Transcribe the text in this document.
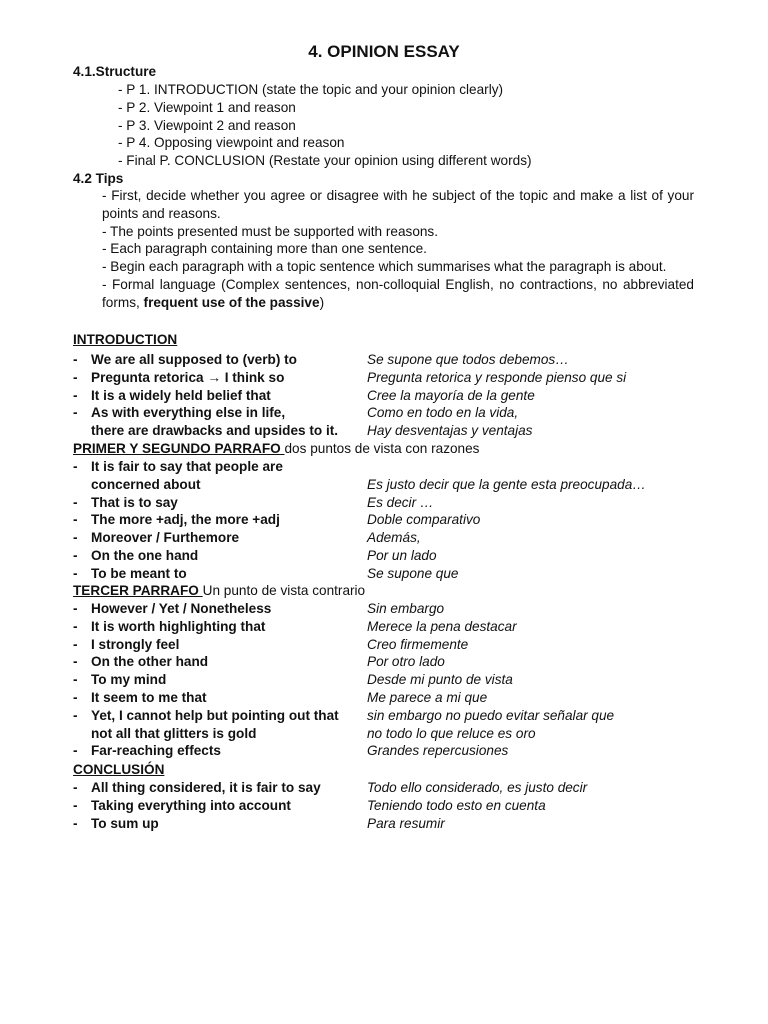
4. OPINION ESSAY
4.1.Structure
- P 1. INTRODUCTION (state the topic and your opinion clearly)
- P 2. Viewpoint 1 and reason
- P 3. Viewpoint 2 and reason
- P 4. Opposing viewpoint and reason
- Final P. CONCLUSION (Restate your opinion using different words)
4.2 Tips
- First, decide whether you agree or disagree with he subject of the topic and make a list of your points and reasons.
- The points presented must be supported with reasons.
- Each paragraph containing more than one sentence.
- Begin each paragraph with a topic sentence which summarises what the paragraph is about.
- Formal language (Complex sentences, non-colloquial English, no contractions, no abbreviated forms, frequent use of the passive)
INTRODUCTION
- We are all supposed to (verb) to	Se supone que todos debemos…
- Pregunta retorica → I think so	Pregunta retorica y responde pienso que si
- It is a widely held belief that	Cree la mayoría de la gente
- As with everything else in life,	Como en todo en la vida,
there are drawbacks and upsides to it. Hay desventajas y ventajas
PRIMER Y SEGUNDO PARRAFO dos puntos de vista con razones
- It is fair to say that people are
concerned about	Es justo decir que la gente esta preocupada…
- That is to say	Es decir …
- The more +adj, the more +adj	Doble comparativo
- Moreover / Furthemore	Además,
- On the one hand	Por un lado
- To be meant to	Se supone que
TERCER PARRAFO Un punto de vista contrario
- However / Yet / Nonetheless	Sin embargo
- It is worth highlighting that	Merece la pena destacar
- I strongly feel	Creo firmemente
- On the other hand	Por otro lado
- To my mind	Desde mi punto de vista
- It seem to me that	Me parece a mi que
- Yet, I cannot help but pointing out that sin embargo no puedo evitar señalar que
not all that glitters is gold	no todo lo que reluce es oro
- Far-reaching effects	Grandes repercusiones
CONCLUSIÓN
- All thing considered, it is fair to say	Todo ello considerado, es justo decir
- Taking everything into account	Teniendo todo esto en cuenta
- To sum up	Para resumir
